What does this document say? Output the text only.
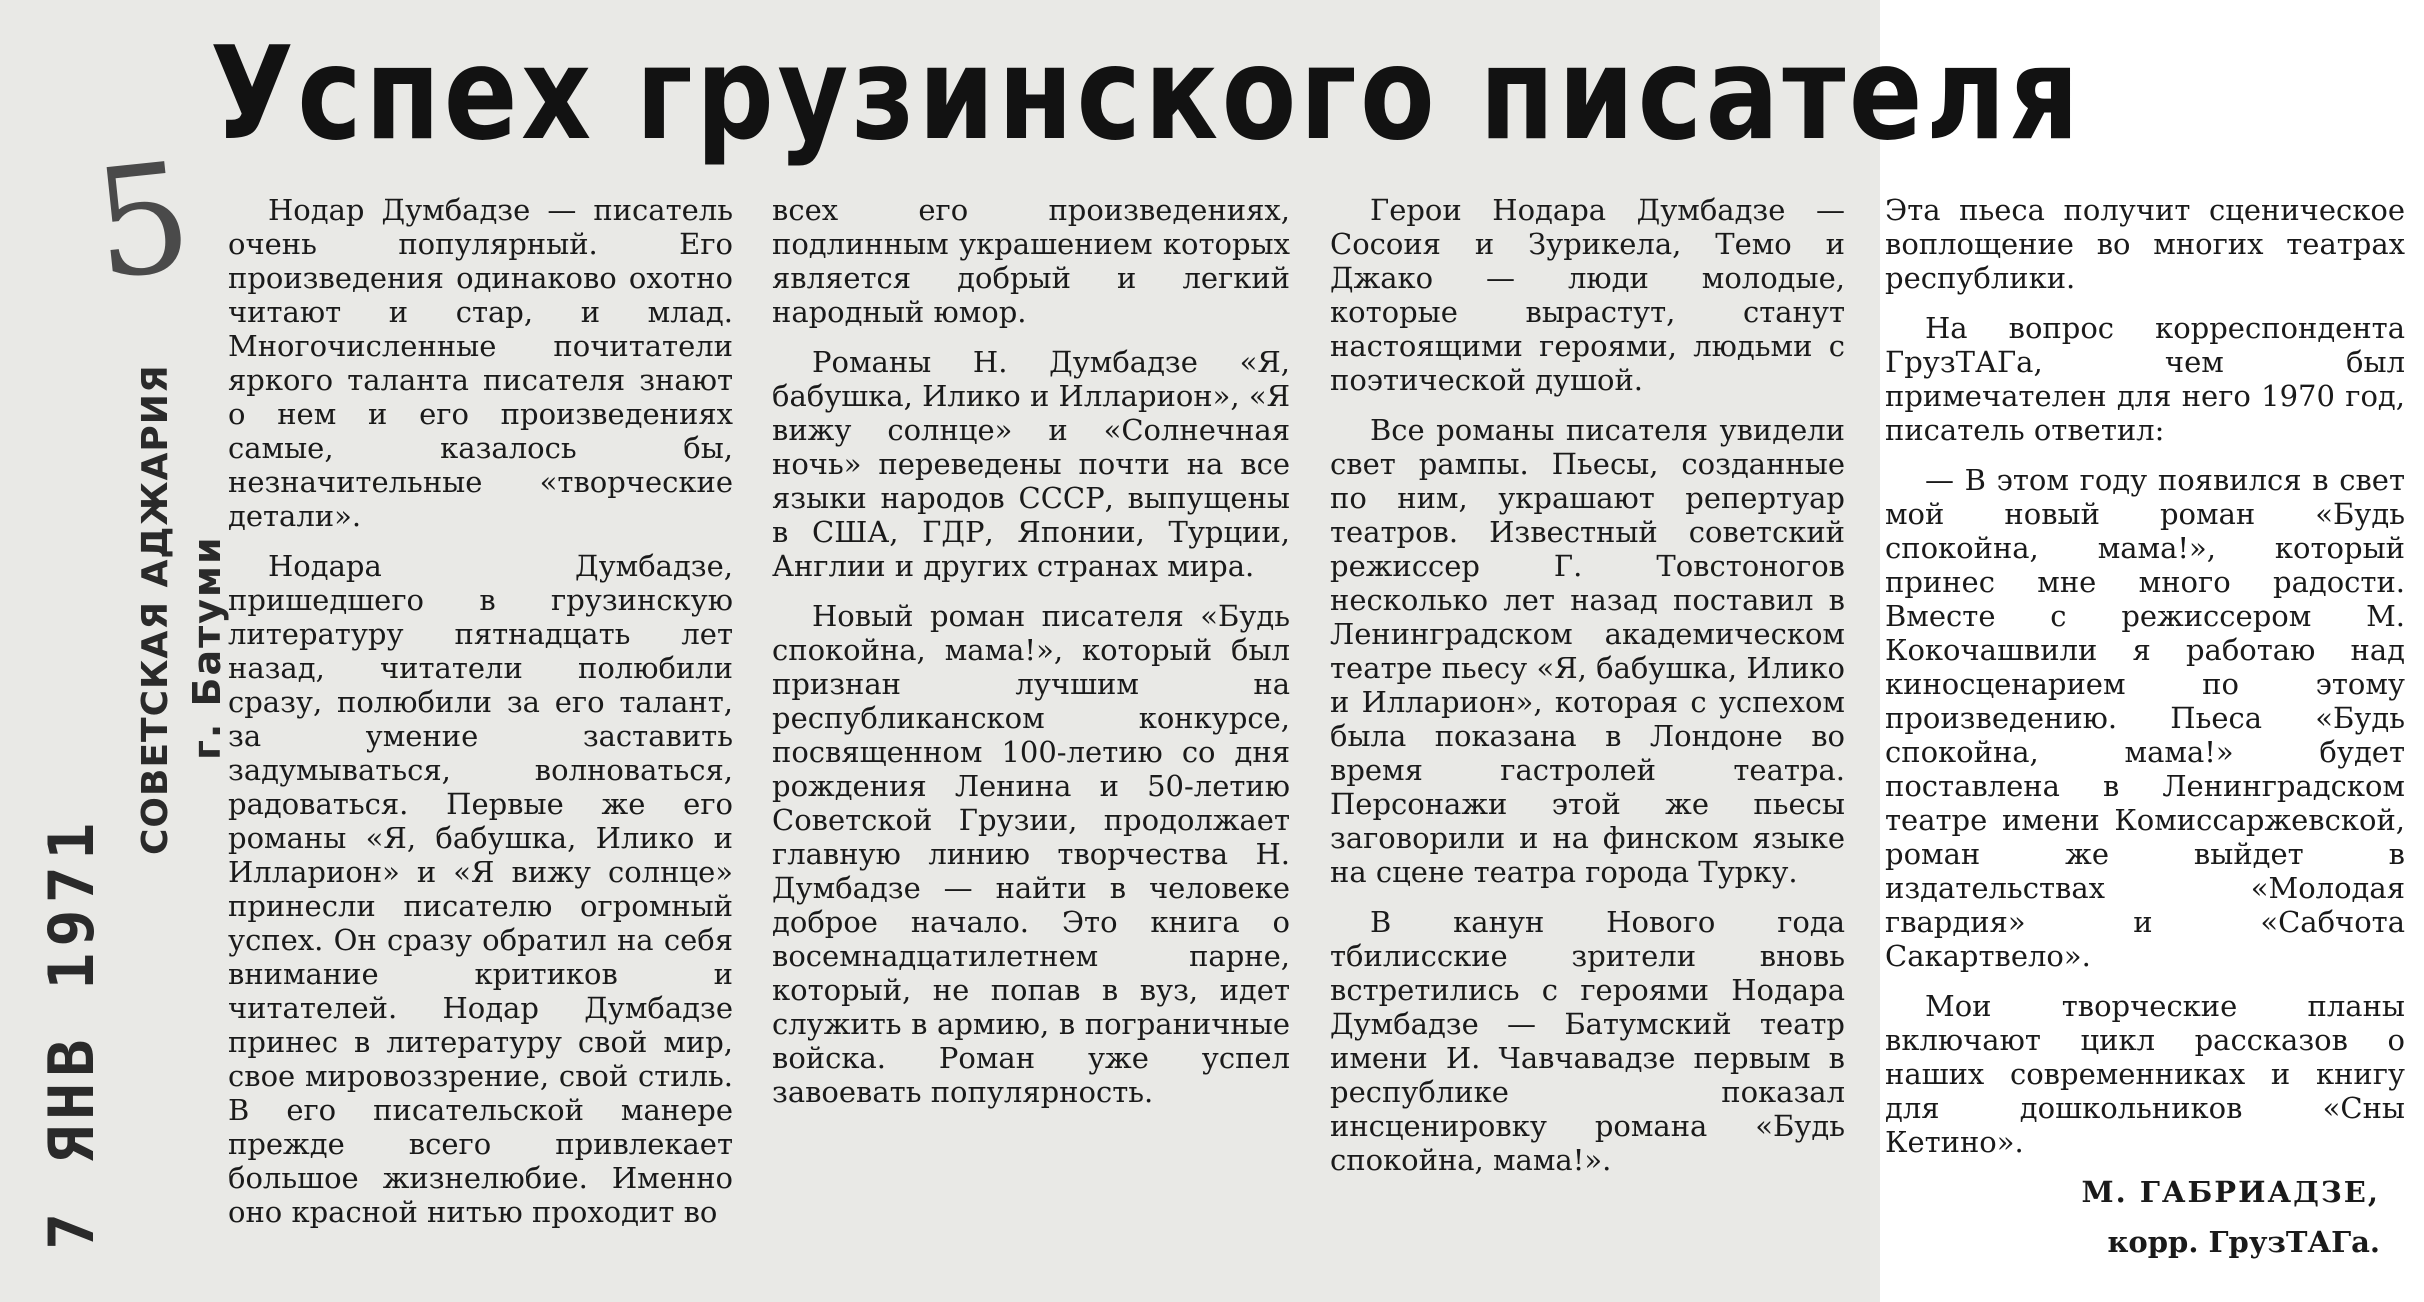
7 ЯНВ 1971
СОВЕТСКАЯ АДЖАРИЯ г. Батуми
5
Успех грузинского писателя

Нодар Думбадзе — писатель очень популярный. Его произведения одинаково охотно читают и стар, и млад. Многочисленные почитатели яркого таланта писателя знают о нем и его произведениях самые, казалось бы, незначительные «творческие детали».

Нодара Думбадзе, пришедшего в грузинскую литературу пятнадцать лет назад, читатели полюбили сразу, полюбили за его талант, за умение заставить задумываться, волноваться, радоваться. Первые же его романы «Я, бабушка, Илико и Илларион» и «Я вижу солнце» принесли писателю огромный успех. Он сразу обратил на себя внимание критиков и читателей. Нодар Думбадзе принес в литературу свой мир, свое мировоззрение, свой стиль. В его писательской манере прежде всего привлекает большое жизнелюбие. Именно оно красной нитью проходит во

всех его произведениях, подлинным украшением которых является добрый и легкий народный юмор.

Романы Н. Думбадзе «Я, бабушка, Илико и Илларион», «Я вижу солнце» и «Солнечная ночь» переведены почти на все языки народов СССР, выпущены в США, ГДР, Японии, Турции, Англии и других странах мира.

Новый роман писателя «Будь спокойна, мама!», который был признан лучшим на республиканском конкурсе, посвященном 100-летию со дня рождения Ленина и 50-летию Советской Грузии, продолжает главную линию творчества Н. Думбадзе — найти в человеке доброе начало. Это книга о восемнадцатилетнем парне, который, не попав в вуз, идет служить в армию, в пограничные войска. Роман уже успел завоевать популярность.

Герои Нодара Думбадзе — Сосоия и Зурикела, Темо и Джако — люди молодые, которые вырастут, станут настоящими героями, людьми с поэтической душой.

Все романы писателя увидели свет рампы. Пьесы, созданные по ним, украшают репертуар театров. Известный советский режиссер Г. Товстоногов несколько лет назад поставил в Ленинградском академическом театре пьесу «Я, бабушка, Илико и Илларион», которая с успехом была показана в Лондоне во время гастролей театра. Персонажи этой же пьесы заговорили и на финском языке на сцене театра города Турку.

В канун Нового года тбилисские зрители вновь встретились с героями Нодара Думбадзе — Батумский театр имени И. Чавчавадзе первым в республике показал инсценировку романа «Будь спокойна, мама!».

Эта пьеса получит сценическое воплощение во многих театрах республики.

На вопрос корреспондента ГрузТАГа, чем был примечателен для него 1970 год, писатель ответил:

— В этом году появился в свет мой новый роман «Будь спокойна, мама!», который принес мне много радости. Вместе с режиссером М. Кокочашвили я работаю над киносценарием по этому произведению. Пьеса «Будь спокойна, мама!» будет поставлена в Ленинградском театре имени Комиссаржевской, роман же выйдет в издательствах «Молодая гвардия» и «Сабчота Сакартвело».

Мои творческие планы включают цикл рассказов о наших современниках и книгу для дошкольников «Сны Кетино».

М. ГАБРИАДЗЕ,

корр. ГрузТАГа.
